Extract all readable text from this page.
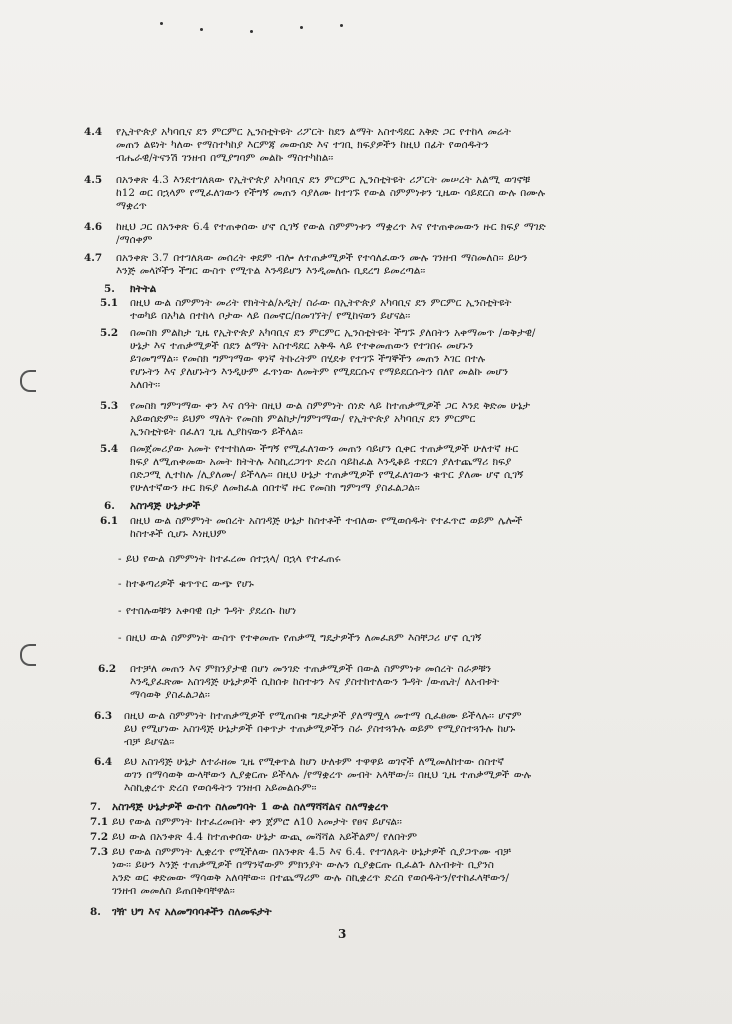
4.4 የኢትዮጵያ አካባቢና ደን ምርምር ኢንስቲትዩት ሪፖርት ከደን ልማት አስተዳደር አቅድ ጋር የተከላ መሬት
መጠን ልዩነት ካለው የማስተካከያ እርምጃ መውሰድ እና ተገቢ ክፍያዎችን ከዚህ በፊት የወሰዱትን
ብሔራዊ/ትናንሽ ገንዘብ በሚያግባም መልኩ ማስተካከል፡፡
4.5 በአንቀጽ 4.3 እንደተገለጸው የኢትዮጵያ አካባቢና ደን ምርምር ኢንስቲትዩት ሪፖርት መሠረት አልሚ ወገኖቹ
ከ12 ወር በኋላም የሚፈለገውን የችግኝ መጠን ሳያለሙ ከተገኙ የውል ስምምነቱን ጊዜው ሳይደርስ ውሉ በሙሉ
ማቋረጥ
4.6 ከዚህ ጋር በአንቀጽ 6.4 የተጠቀሰው ሆኖ ሲገኝ የውል ስምምነቱን ማቋረጥ እና የተጠቀመውን ዙር ክፍያ ማገድ
/ማሰቀም
4.7 በአንቀጽ 3.7 በተገለጸው መሰረት ቀደም ብሎ ለተጠቃሚዎች የተሳለፈውን ሙሉ ገንዘብ ማስመለስ፡፡ ይሁን
እንጅ መላሾችን ችግር ውስጥ የሚጥል እንዳይሆን እንዲመለሱ ቢደረግ ይመረጣል፡፡
5. ክትትል
5.1 በዚህ ውል ስምምነት መሪት የክትትል/አዲት/ ስራው በኢትዮጵያ አካባቢና ደን ምርምር ኢንስቲትዩት
ተወካይ በአካል በተከላ ቦታው ላይ በመኖር/በመገኘት/ የሚከናወን ይሆናል፡፡
5.2 በመስክ ምልከታ ጊዜ የኢትዮጵያ አካባቢና ደን ምርምር ኢንስቲትዩት ችግኙ ያለበትን አቀማመጥ /ወቅታዊ/
ሁኔታ እና ተጠቃሚዎች በደን ልማት አስተዳደር አቅዱ ላይ የተቀመጠውን የተገበሩ መሆኑን
ይገመግማል፡፡ የመስክ ግምገማው ዋነኛ ትኩረትም በሂደቱ የተገኙ ችግኞችን መጠን እገር በተሉ
የሆኑትን እና ያለሆኑትን እንዲሁም ፈጥነው ለመትም የሚደርሱና የማይደርሱትን በለየ መልኩ መሆን
አለበት፡፡
5.3 የመስክ ግምገማው ቀን እና ሰዓት በዚህ ውል ስምምነት ሰነድ ላይ ከተጠቃሚዎች ጋር እንደ ቅድመ ሁኔታ
አይወሰድም፡፡ ይህም ማለት የመስክ ምልከታ/ግምገማው/ የኢትዮጵያ አካባቢና ደን ምርምር
ኢንስቲትዩት በፈለገ ጊዜ ሊያከናውን ይችላል፡፡
5.4 በመጀመሪያው አመት የተተከለው ችግኝ የሚፈለገውን መጠን ሳይሆን ሲቀር ተጠቃሚዎች ሁለተኛ ዙር
ክፍያ ለሚጠቀመው አመት ክትትሉ እስኪረጋገጥ ድረስ ሳይከፈል እንዲቆይ ተደርጎ ያለተጨማሪ ክፍያ
በድጋሚ ሊተከሉ /ሊያለሙ/ ይችላሉ፡፡ በዚህ ሁኔታ ተጠቃሚዎች የሚፈለገውን ቁጥር ያለሙ ሆኖ ሲገኝ
የሁለተኛውን ዙር ክፍያ ለመክፈል ሰበተኛ ዙር የመስክ ግምገማ ያስፈልጋል፡፡
6. አስገዳጅ ሁኔታዎች
6.1 በዚህ ውል ስምምነት መሰረት አስገዳጅ ሁኔታ ከስተቶች ተብለው የሚወሰዱት የተፈጥሮ ወይም ሌሎች
ከስተቶች ሲሆኑ እነዚህም
- ይህ የውል ስምምነት ከተፈረመ ሰተኋላ/ በኋላ የተፈጠሩ
- ከተቆጣሪዎች ቁጥጥር ውጭ የሆኑ
- የተበሉወቹን አቀባዊ በታ ጉዳት ያደረሱ ከሆነ
- በዚህ ውል ስምምነት ውስጥ የተቀመጡ የጠቃሚ ግዴታዎችን ለመፈጸም እስቸጋሪ ሆኖ ሲገኝ
6.2 በተቻለ መጠን እና ምክንያታዊ በሆነ መንገድ ተጠቃሚዎች በውል ስምምነቱ መሰረት ስራዎቹን
እንዲያፈጽሙ አስገዳጅ ሁኔታዎች ሲከሰቱ ከስተቱን እና ያስተከተለውን ጉዳት /ውጤት/ ለአብቱት
ማሳወቅ ያስፈልጋል፡፡
6.3 በዚህ ውል ስምምነት ከተጠቃሚዎች የሚጠበቁ ግዴታዎች ያለማሟላ መተማ ሲፈፀሙ ይችላሉ፡፡ ሆኖም
ይህ የሚሆነው አስገዳጅ ሁኔታዎች በቀጥታ ተጠቃሚዎችን ስራ ያስተጓጉሉ ወይም የሚያስተጓጉሉ ከሆኑ
ብቻ ይሆናል፡፡
6.4 ይህ አስገዳጅ ሁኔታ ለተራዘመ ጊዜ የሚቀጥል ከሆነ ሁለቱም ተዋዋይ ወገኖች ለሚመለከተው ሰስተኛ
ወገን በማሳወቅ ውላቸውን ሊያቋርጡ ይችላሉ /የማቋረጥ መብት አላቸው/፡፡ በዚህ ጊዜ ተጠቃሚዎች ውሉ
እስኪቋረጥ ድረስ የወሰዱትን ገንዘብ አይመልሱም፡፡
7. አስገዳጅ ሁኔታዎች ውስጥ ስለመግባት 1 ውል ስለማሻሻልና ስለማቋረጥ
7.1 ይህ የውል ስምምነት ከተፈረመበት ቀን ጀምሮ ለ10 አመታት የፀና ይሆናል፡፡
7.2 ይህ ውል በአንቀጽ 4.4 ከተጠቀሰው ሁኔታ ውጪ መሻሻል አይችልም/ የለበትም
7.3 ይህ የውል ስምምነት ሊቋረጥ የሚችለው በአንቀጽ 4.5 እና 6.4. የተገለጹት ሁኔታዎች ሲያጋጥሙ ብቻ
ነው፡፡ ይሁን እንጅ ተጠቃሚዎች በማንኛውም ምክንያት ውሉን ሲያቋርጡ ቢፈልጉ ለአብቱት ቢያንስ
አንድ ወር ቀድመው ማሳወቅ አለባቸው፡፡ በተጨማሪም ውሉ ስኪቋረጥ ድረስ የወሰዱትን/የተከፈላቸውን/
ገንዘብ መመለስ ይጠበቅባቸዋል፡፡
8. ገዥ ህግ እና አለመግባባቶችን ስለመፍታት
3
